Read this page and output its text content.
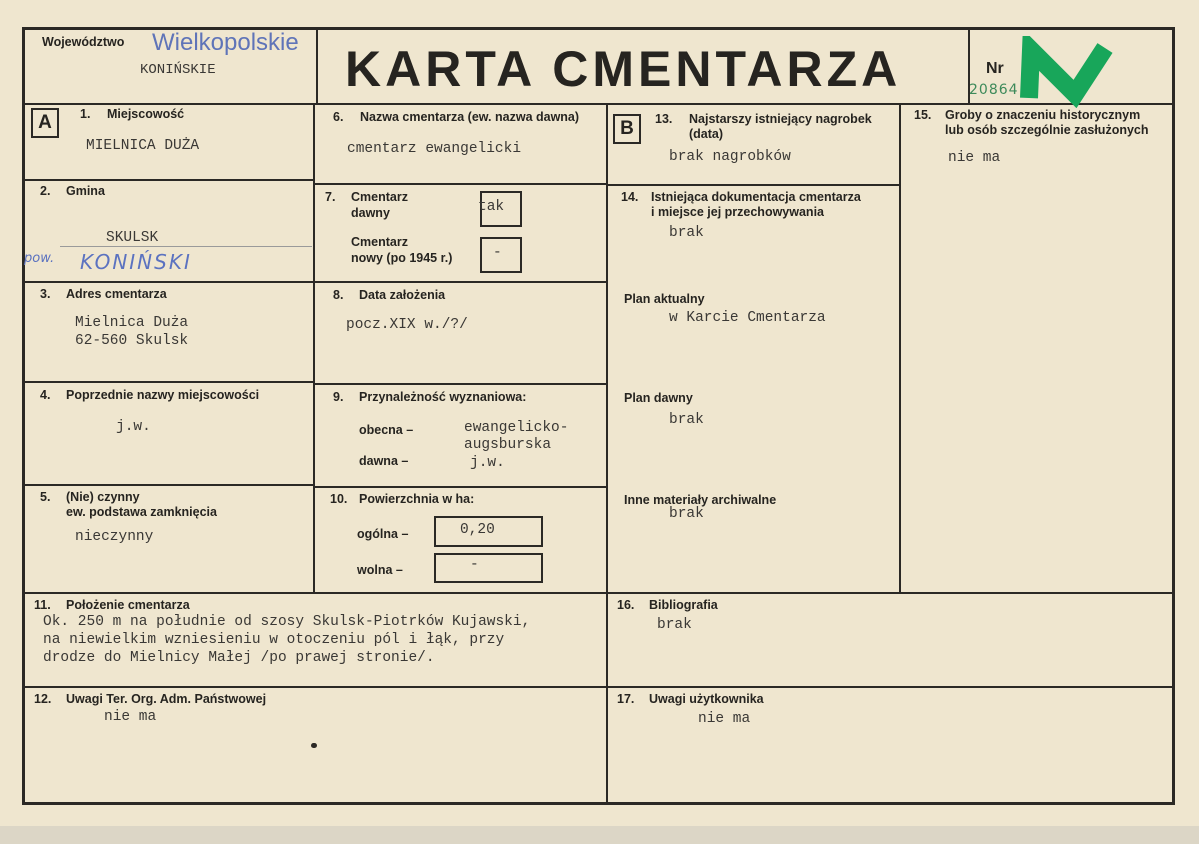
Województwo Wielkopolskie
KONIŃSKIE	KARTA CMENTARZA	Nr
20864
A	1. Miejscowość
MIELNICA DUŻA
2. Gmina
SKULSK
pow. KONIŃSKI
3. Adres cmentarza
Mielnica Duża
62-560 Skulsk
4. Poprzednie nazwy miejscowości
j.w.
5. (Nie) czynny
ew. podstawa zamknięcia
nieczynny
6. Nazwa cmentarza (ew. nazwa dawna)
cmentarz ewangelicki
7. Cmentarz
dawny	tak
Cmentarz
nowy (po 1945 r.)	-
8. Data założenia
pocz.XIX w./?/
9. Przynależność wyznaniowa:
obecna –	ewangelicko-
augsburska
dawna –	j.w.
10. Powierzchnia w ha:
ogólna –	0,20
wolna –	-
B	13. Najstarszy istniejący nagrobek
(data)
brak nagrobków
14. Istniejąca dokumentacja cmentarza
i miejsce jej przechowywania
brak
Plan aktualny
w Karcie Cmentarza
Plan dawny
brak
Inne materiały archiwalne
brak
15. Groby o znaczeniu historycznym
lub osób szczególnie zasłużonych
nie ma
11. Położenie cmentarza
Ok. 250 m na południe od szosy Skulsk-Piotrków Kujawski,
na niewielkim wzniesieniu w otoczeniu pól i łąk, przy
drodze do Mielnicy Małej /po prawej stronie/.
16. Bibliografia
brak
12. Uwagi Ter. Org. Adm. Państwowej
nie ma
17. Uwagi użytkownika
nie ma
